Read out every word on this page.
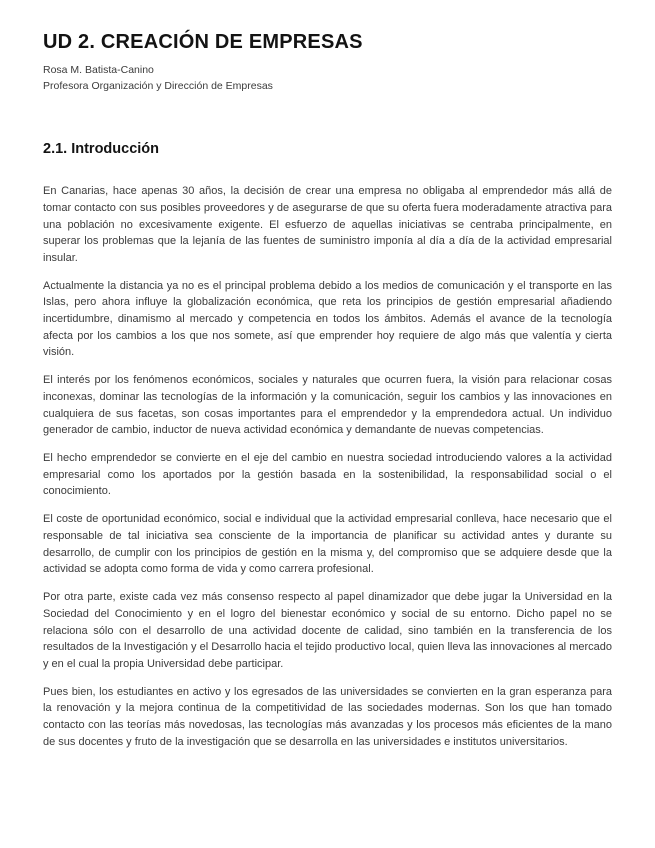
UD 2. CREACIÓN DE EMPRESAS

Rosa M. Batista-Canino

Profesora Organización y Dirección de Empresas

2.1. Introducción

En Canarias, hace apenas 30 años, la decisión de crear una empresa no obligaba al emprendedor más allá de tomar contacto con sus posibles proveedores y de asegurarse de que su oferta fuera moderadamente atractiva para una población no excesivamente exigente. El esfuerzo de aquellas iniciativas se centraba principalmente, en superar los problemas que la lejanía de las fuentes de suministro imponía al día a día de la actividad empresarial insular.

Actualmente la distancia ya no es el principal problema debido a los medios de comunicación y el transporte en las Islas, pero ahora influye la globalización económica, que reta los principios de gestión empresarial añadiendo incertidumbre, dinamismo al mercado y competencia en todos los ámbitos. Además el avance de la tecnología afecta por los cambios a los que nos somete, así que emprender hoy requiere de algo más que valentía y cierta visión.

El interés por los fenómenos económicos, sociales y naturales que ocurren fuera, la visión para relacionar cosas inconexas, dominar las tecnologías de la información y la comunicación, seguir los cambios y las innovaciones en cualquiera de sus facetas, son cosas importantes para el emprendedor y la emprendedora actual. Un individuo generador de cambio, inductor de nueva actividad económica y demandante de nuevas competencias.

El hecho emprendedor se convierte en el eje del cambio en nuestra sociedad introduciendo valores a la actividad empresarial como los aportados por la gestión basada en la sostenibilidad, la responsabilidad social o el conocimiento.

El coste de oportunidad económico, social e individual que la actividad empresarial conlleva, hace necesario que el responsable de tal iniciativa sea consciente de la importancia de planificar su actividad antes y durante su desarrollo, de cumplir con los principios de gestión en la misma y, del compromiso que se adquiere desde que la actividad se adopta como forma de vida y como carrera profesional.

Por otra parte, existe cada vez más consenso respecto al papel dinamizador que debe jugar la Universidad en la Sociedad del Conocimiento y en el logro del bienestar económico y social de su entorno. Dicho papel no se relaciona sólo con el desarrollo de una actividad docente de calidad, sino también en la transferencia de los resultados de la Investigación y el Desarrollo hacia el tejido productivo local, quien lleva las innovaciones al mercado y en el cual la propia Universidad debe participar.

Pues bien, los estudiantes en activo y los egresados de las universidades se convierten en la gran esperanza para la renovación y la mejora continua de la competitividad de las sociedades modernas. Son los que han tomado contacto con las teorías más novedosas, las tecnologías más avanzadas y los procesos más eficientes de la mano de sus docentes y fruto de la investigación que se desarrolla en las universidades e institutos universitarios.
